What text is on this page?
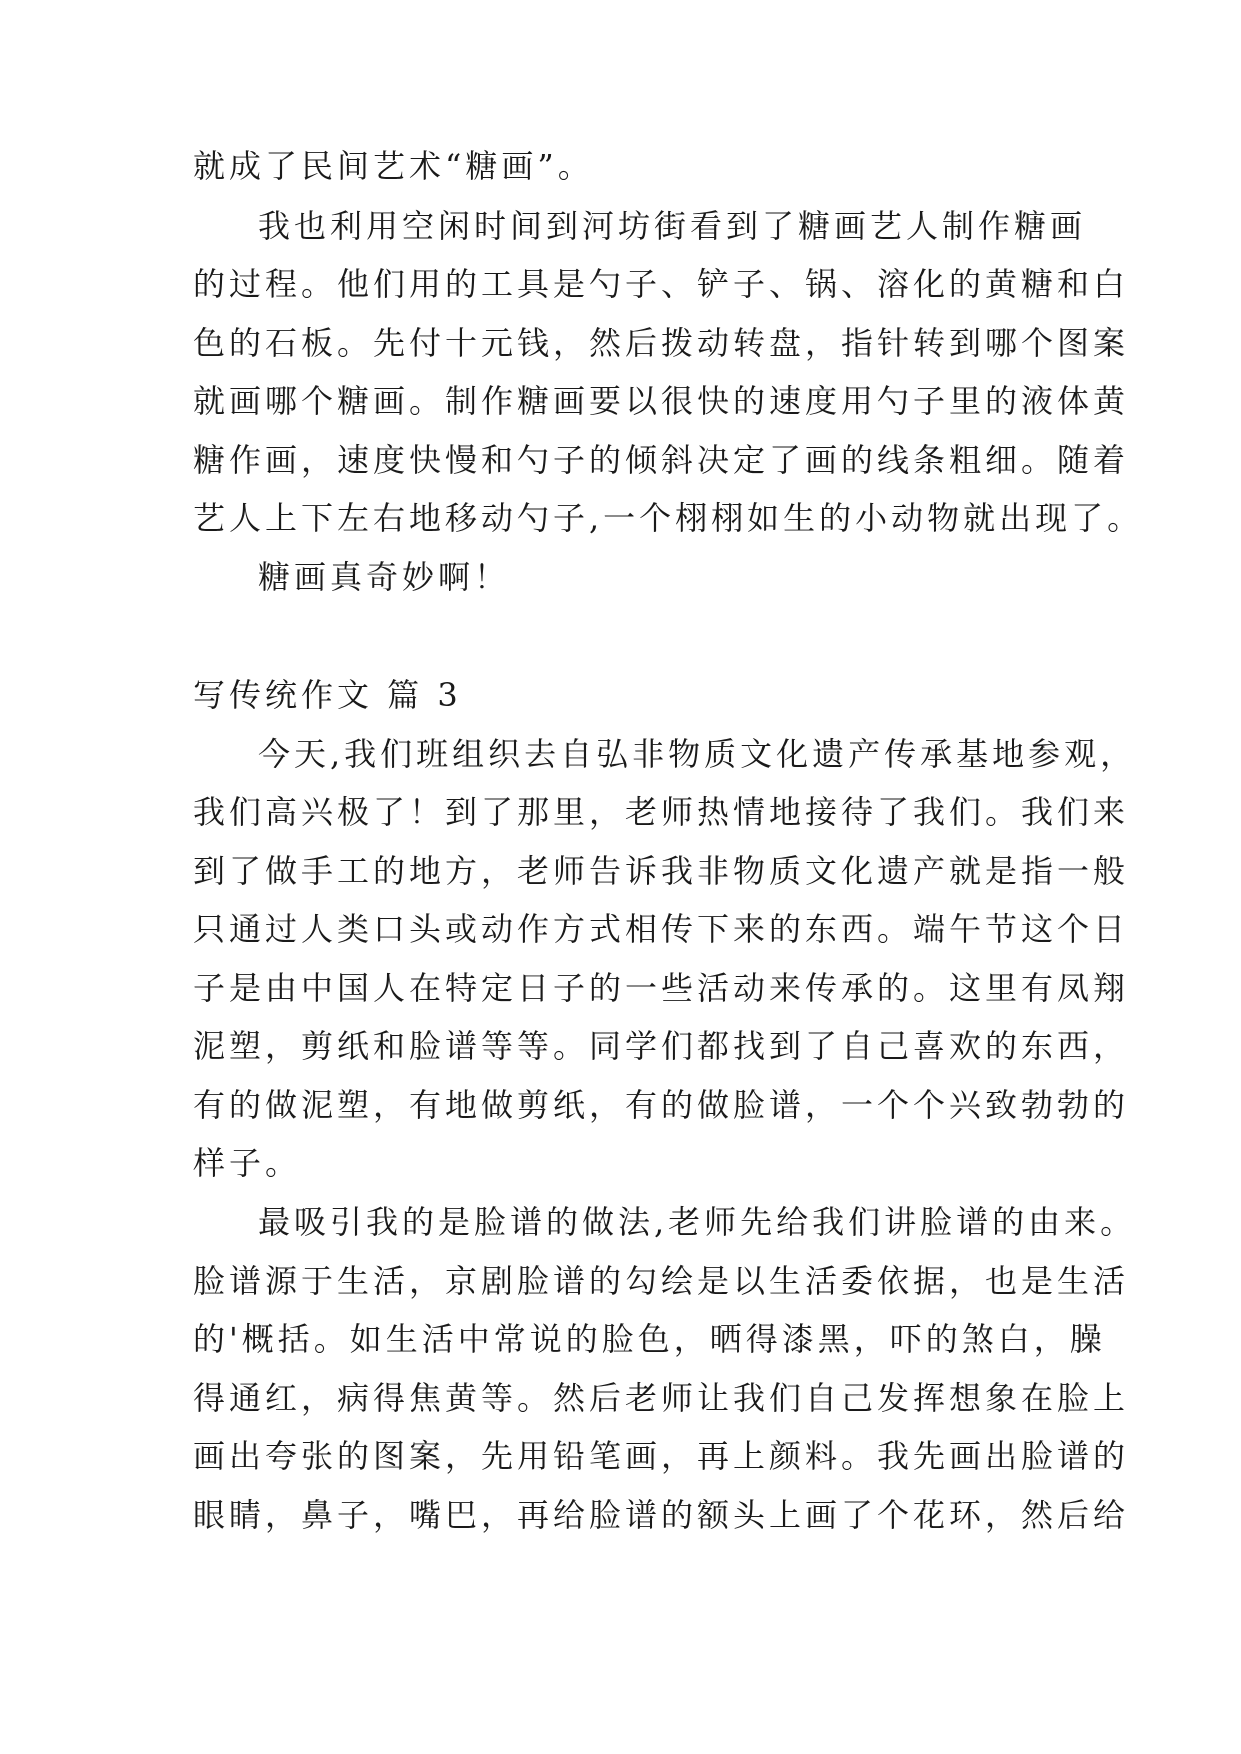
就成了民间艺术“糖画”。
我也利用空闲时间到河坊街看到了糖画艺人制作糖画
的过程。他们用的工具是勺子、铲子、锅、溶化的黄糖和白
色的石板。先付十元钱，然后拨动转盘，指针转到哪个图案
就画哪个糖画。制作糖画要以很快的速度用勺子里的液体黄
糖作画，速度快慢和勺子的倾斜决定了画的线条粗细。随着
艺人上下左右地移动勺子,一个栩栩如生的小动物就出现了。
糖画真奇妙啊！
写传统作文 篇 3
今天,我们班组织去自弘非物质文化遗产传承基地参观，
我们高兴极了！到了那里，老师热情地接待了我们。我们来
到了做手工的地方，老师告诉我非物质文化遗产就是指一般
只通过人类口头或动作方式相传下来的东西。端午节这个日
子是由中国人在特定日子的一些活动来传承的。这里有凤翔
泥塑，剪纸和脸谱等等。同学们都找到了自己喜欢的东西，
有的做泥塑，有地做剪纸，有的做脸谱，一个个兴致勃勃的
样子。
最吸引我的是脸谱的做法,老师先给我们讲脸谱的由来。
脸谱源于生活，京剧脸谱的勾绘是以生活委依据，也是生活
的'概括。如生活中常说的脸色，晒得漆黑，吓的煞白，臊
得通红，病得焦黄等。然后老师让我们自己发挥想象在脸上
画出夸张的图案，先用铅笔画，再上颜料。我先画出脸谱的
眼睛，鼻子，嘴巴，再给脸谱的额头上画了个花环，然后给
